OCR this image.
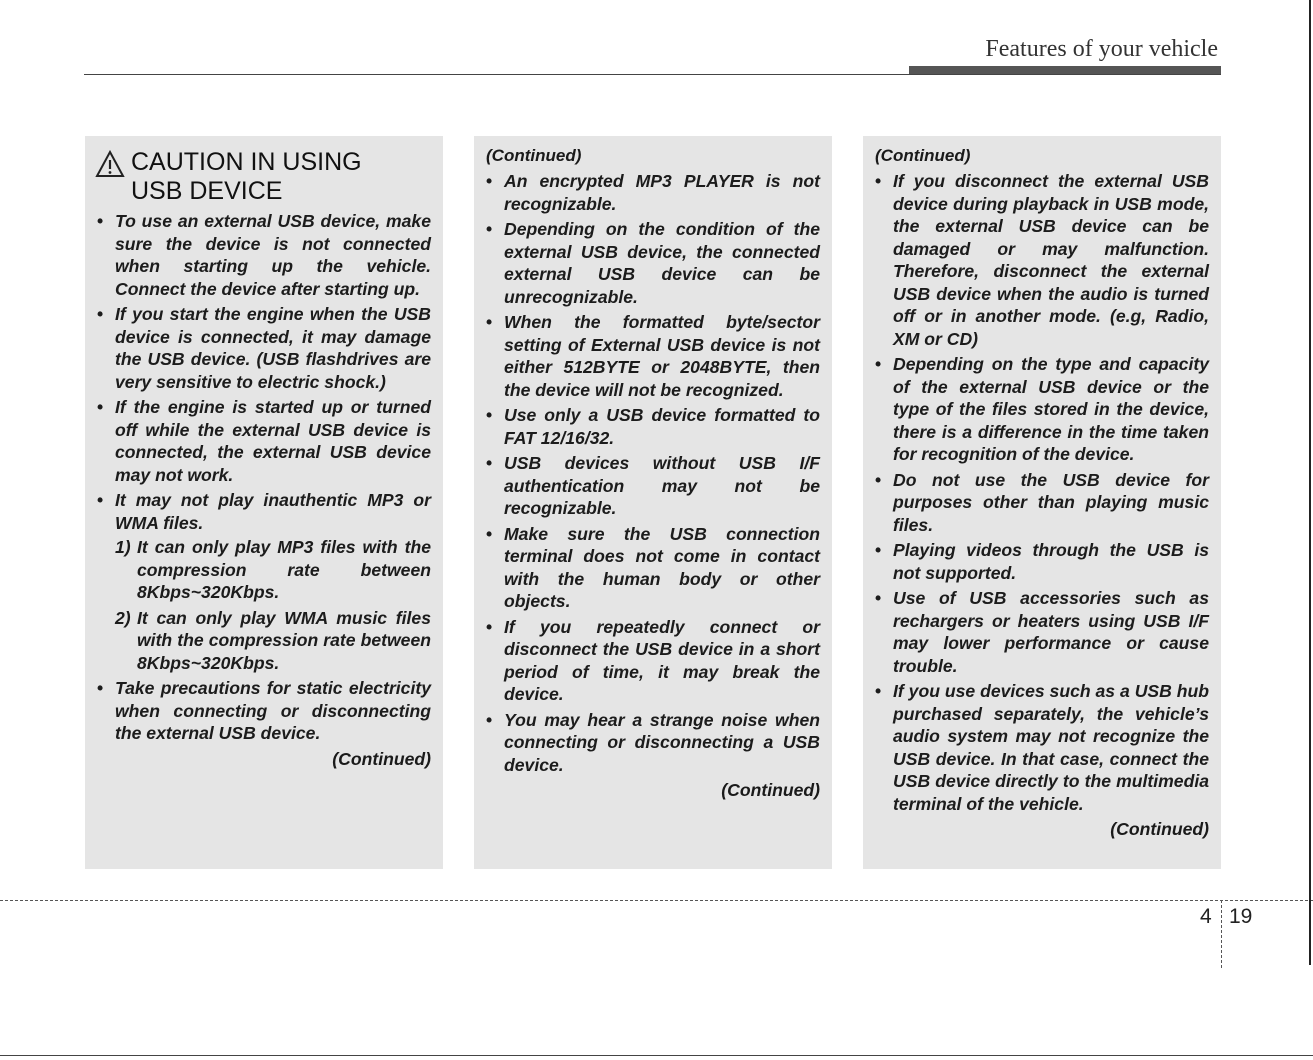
Features of your vehicle
CAUTION IN USING
USB DEVICE
• To use an external USB device, make sure the device is not connected when starting up the vehicle. Connect the device after starting up.
• If you start the engine when the USB device is connected, it may damage the USB device. (USB flashdrives are very sensitive to electric shock.)
• If the engine is started up or turned off while the external USB device is connected, the external USB device may not work.
• It may not play inauthentic MP3 or WMA files.
1) It can only play MP3 files with the compression rate between 8Kbps~320Kbps.
2) It can only play WMA music files with the compression rate between 8Kbps~320Kbps.
• Take precautions for static electricity when connecting or disconnecting the external USB device.
(Continued)
(Continued)
• An encrypted MP3 PLAYER is not recognizable.
• Depending on the condition of the external USB device, the connected external USB device can be unrecognizable.
• When the formatted byte/sector setting of External USB device is not either 512BYTE or 2048BYTE, then the device will not be recognized.
• Use only a USB device formatted to FAT 12/16/32.
• USB devices without USB I/F authentication may not be recognizable.
• Make sure the USB connection terminal does not come in contact with the human body or other objects.
• If you repeatedly connect or disconnect the USB device in a short period of time, it may break the device.
• You may hear a strange noise when connecting or disconnecting a USB device.
(Continued)
(Continued)
• If you disconnect the external USB device during playback in USB mode, the external USB device can be damaged or may malfunction. Therefore, disconnect the external USB device when the audio is turned off or in another mode. (e.g, Radio, XM or CD)
• Depending on the type and capacity of the external USB device or the type of the files stored in the device, there is a difference in the time taken for recognition of the device.
• Do not use the USB device for purposes other than playing music files.
• Playing videos through the USB is not supported.
• Use of USB accessories such as rechargers or heaters using USB I/F may lower performance or cause trouble.
• If you use devices such as a USB hub purchased separately, the vehicle’s audio system may not recognize the USB device. In that case, connect the USB device directly to the multimedia terminal of the vehicle.
(Continued)
4 19
